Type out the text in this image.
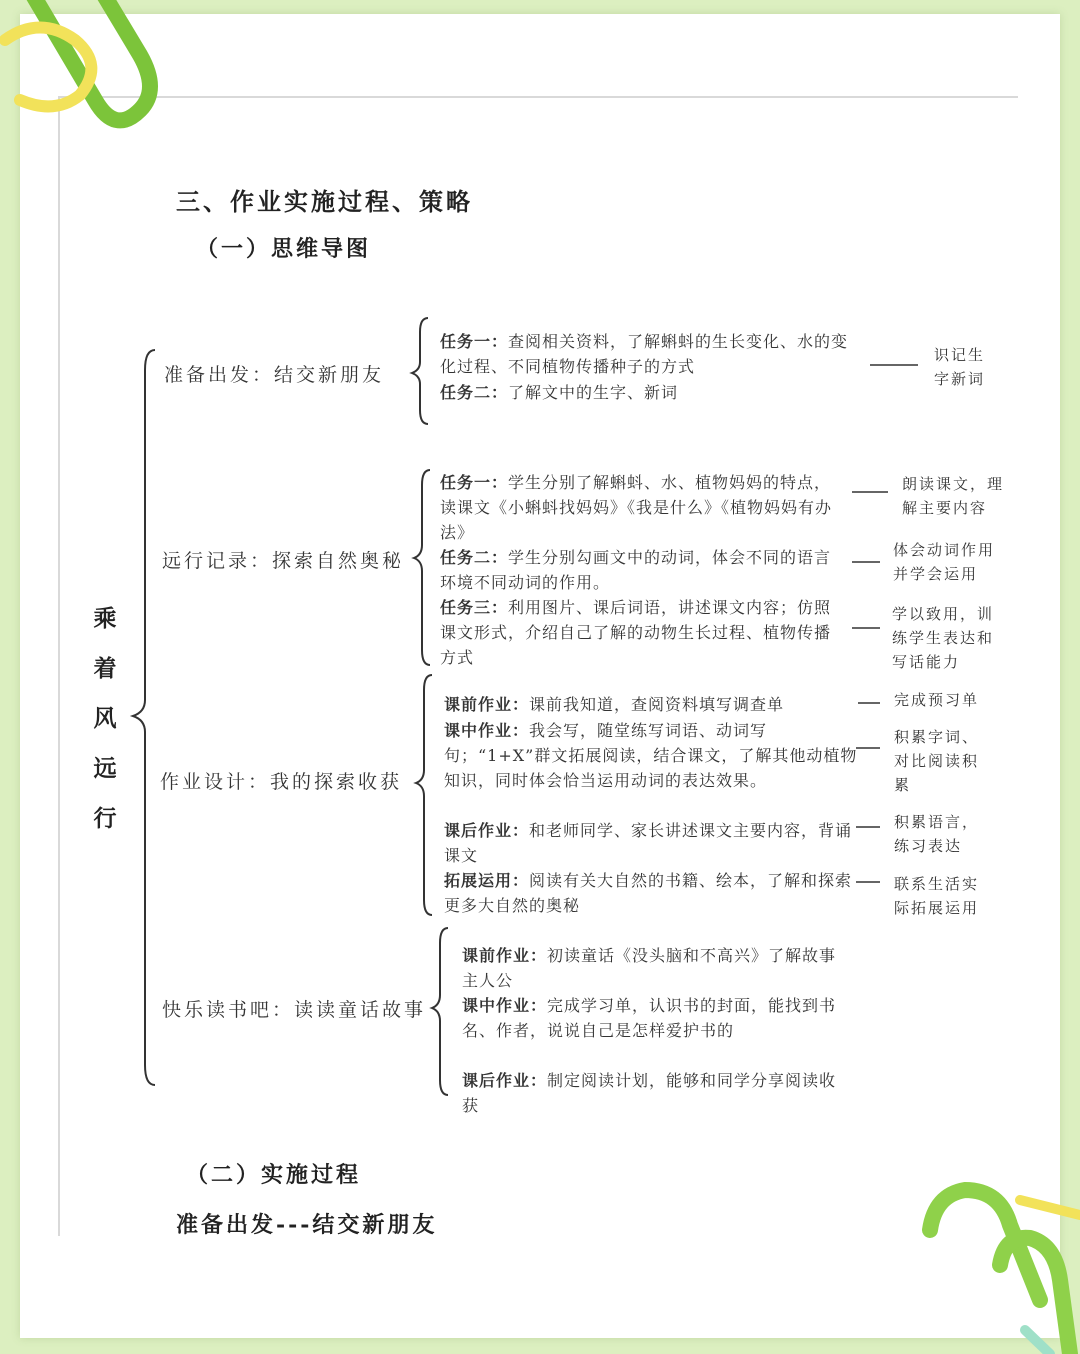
三、作业实施过程、策略
（一）思维导图
乘着风远行
准备出发：结交新朋友
远行记录：探索自然奥秘
作业设计：我的探索收获
快乐读书吧：读读童话故事
任务一：查阅相关资料，了解蝌蚪的生长变化、水的变化过程、不同植物传播种子的方式
任务二：了解文中的生字、新词
识记生字新词
任务一：学生分别了解蝌蚪、水、植物妈妈的特点，读课文《小蝌蚪找妈妈》《我是什么》《植物妈妈有办法》
任务二：学生分别勾画文中的动词，体会不同的语言环境不同动词的作用。
任务三：利用图片、课后词语，讲述课文内容；仿照课文形式，介绍自己了解的动物生长过程、植物传播方式
朗读课文，理解主要内容
体会动词作用并学会运用
学以致用，训练学生表达和写话能力
课前作业：课前我知道，查阅资料填写调查单
课中作业：我会写，随堂练写词语、动词写句；“1+X”群文拓展阅读，结合课文，了解其他动植物知识，同时体会恰当运用动词的表达效果。
课后作业：和老师同学、家长讲述课文主要内容，背诵课文
拓展运用：阅读有关大自然的书籍、绘本，了解和探索更多大自然的奥秘
完成预习单
积累字词、对比阅读积累
积累语言，练习表达
联系生活实际拓展运用
课前作业：初读童话《没头脑和不高兴》了解故事主人公
课中作业：完成学习单，认识书的封面，能找到书名、作者，说说自己是怎样爱护书的
课后作业：制定阅读计划，能够和同学分享阅读收获
（二）实施过程
准备出发---结交新朋友
